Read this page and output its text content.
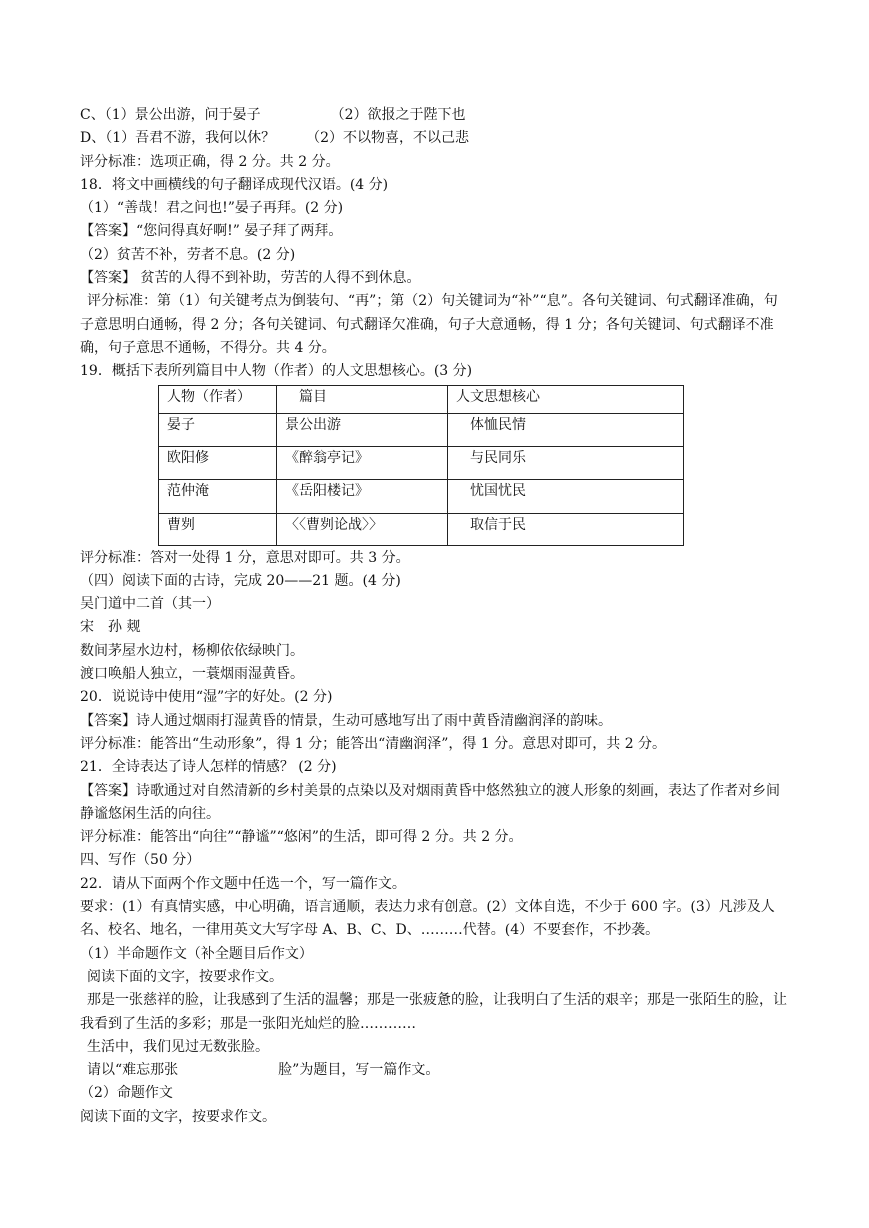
C、（1）景公出游，问于晏子	（2）欲报之于陛下也
D、（1）吾君不游，我何以休？ （2）不以物喜，不以己悲
评分标准：选项正确，得 2 分。共 2 分。
18．将文中画横线的句子翻译成现代汉语。(4 分)
（1）“善哉！君之问也!”晏子再拜。(2 分)
【答案】“您问得真好啊!” 晏子拜了两拜。
（2）贫苦不补，劳者不息。(2 分)
【答案】 贫苦的人得不到补助，劳苦的人得不到休息。
评分标准：第（1）句关键考点为倒装句、“再”；第（2）句关键词为“补”“息”。各句关键词、句式翻译准确，句子意思明白通畅，得 2 分；各句关键词、句式翻译欠准确，句子大意通畅，得 1 分；各句关键词、句式翻译不准确，句子意思不通畅，不得分。共 4 分。
19．概括下表所列篇目中人物（作者）的人文思想核心。(3 分)
人物（作者）	篇目	人文思想核心
晏子	景公出游	体恤民情
欧阳修	《醉翁亭记》	与民同乐
范仲淹	《岳阳楼记》	忧国忧民
曹刿	〈〈曹刿论战〉〉	取信于民
评分标准：答对一处得 1 分，意思对即可。共 3 分。
（四）阅读下面的古诗，完成 20——21 题。(4 分)
吴门道中二首（其一）
宋　孙 觌
数间茅屋水边村，杨柳依依绿映门。
渡口唤船人独立，一蓑烟雨湿黄昏。
20．说说诗中使用“湿”字的好处。(2 分)
【答案】诗人通过烟雨打湿黄昏的情景，生动可感地写出了雨中黄昏清幽润泽的韵味。
评分标准：能答出“生动形象”，得 1 分；能答出“清幽润泽”，得 1 分。意思对即可，共 2 分。
21．全诗表达了诗人怎样的情感？ (2 分)
【答案】诗歌通过对自然清新的乡村美景的点染以及对烟雨黄昏中悠然独立的渡人形象的刻画，表达了作者对乡间静谧悠闲生活的向往。
评分标准：能答出“向往”“静谧”“悠闲”的生活，即可得 2 分。共 2 分。
四、写作（50 分）
22．请从下面两个作文题中任选一个，写一篇作文。
要求：(1）有真情实感，中心明确，语言通顺，表达力求有创意。(2）文体自选，不少于 600 字。(3）凡涉及人名、校名、地名，一律用英文大写字母 A、B、C、D、………代替。(4）不要套作，不抄袭。
（1）半命题作文（补全题目后作文）
阅读下面的文字，按要求作文。
那是一张慈祥的脸，让我感到了生活的温馨；那是一张疲惫的脸，让我明白了生活的艰辛；那是一张陌生的脸，让我看到了生活的多彩；那是一张阳光灿烂的脸…………
生活中，我们见过无数张脸。
请以“难忘那张	脸”为题目，写一篇作文。
（2）命题作文
阅读下面的文字，按要求作文。
